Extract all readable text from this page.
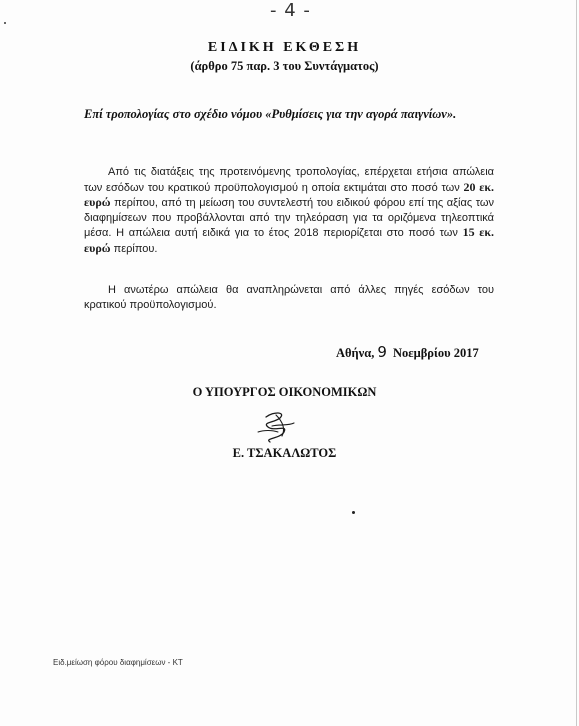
- 4 -
ΕΙΔΙΚΗ ΕΚΘΕΣΗ
(άρθρο 75 παρ. 3 του Συντάγματος)
Επί τροπολογίας στο σχέδιο νόμου «Ρυθμίσεις για την αγορά παιγνίων».
Από τις διατάξεις της προτεινόμενης τροπολογίας, επέρχεται ετήσια απώλεια των εσόδων του κρατικού προϋπολογισμού η οποία εκτιμάται στο ποσό των 20 εκ. ευρώ περίπου, από τη μείωση του συντελεστή του ειδικού φόρου επί της αξίας των διαφημίσεων που προβάλλονται από την τηλεόραση για τα οριζόμενα τηλεοπτικά μέσα. Η απώλεια αυτή ειδικά για το έτος 2018 περιορίζεται στο ποσό των 15 εκ. ευρώ περίπου.
Η ανωτέρω απώλεια θα αναπληρώνεται από άλλες πηγές εσόδων του κρατικού προϋπολογισμού.
Αθήνα, 9 Νοεμβρίου 2017
Ο ΥΠΟΥΡΓΟΣ ΟΙΚΟΝΟΜΙΚΩΝ
Ε. ΤΣΑΚΑΛΩΤΟΣ
Ειδ.μείωση φόρου διαφημίσεων - ΚΤ
